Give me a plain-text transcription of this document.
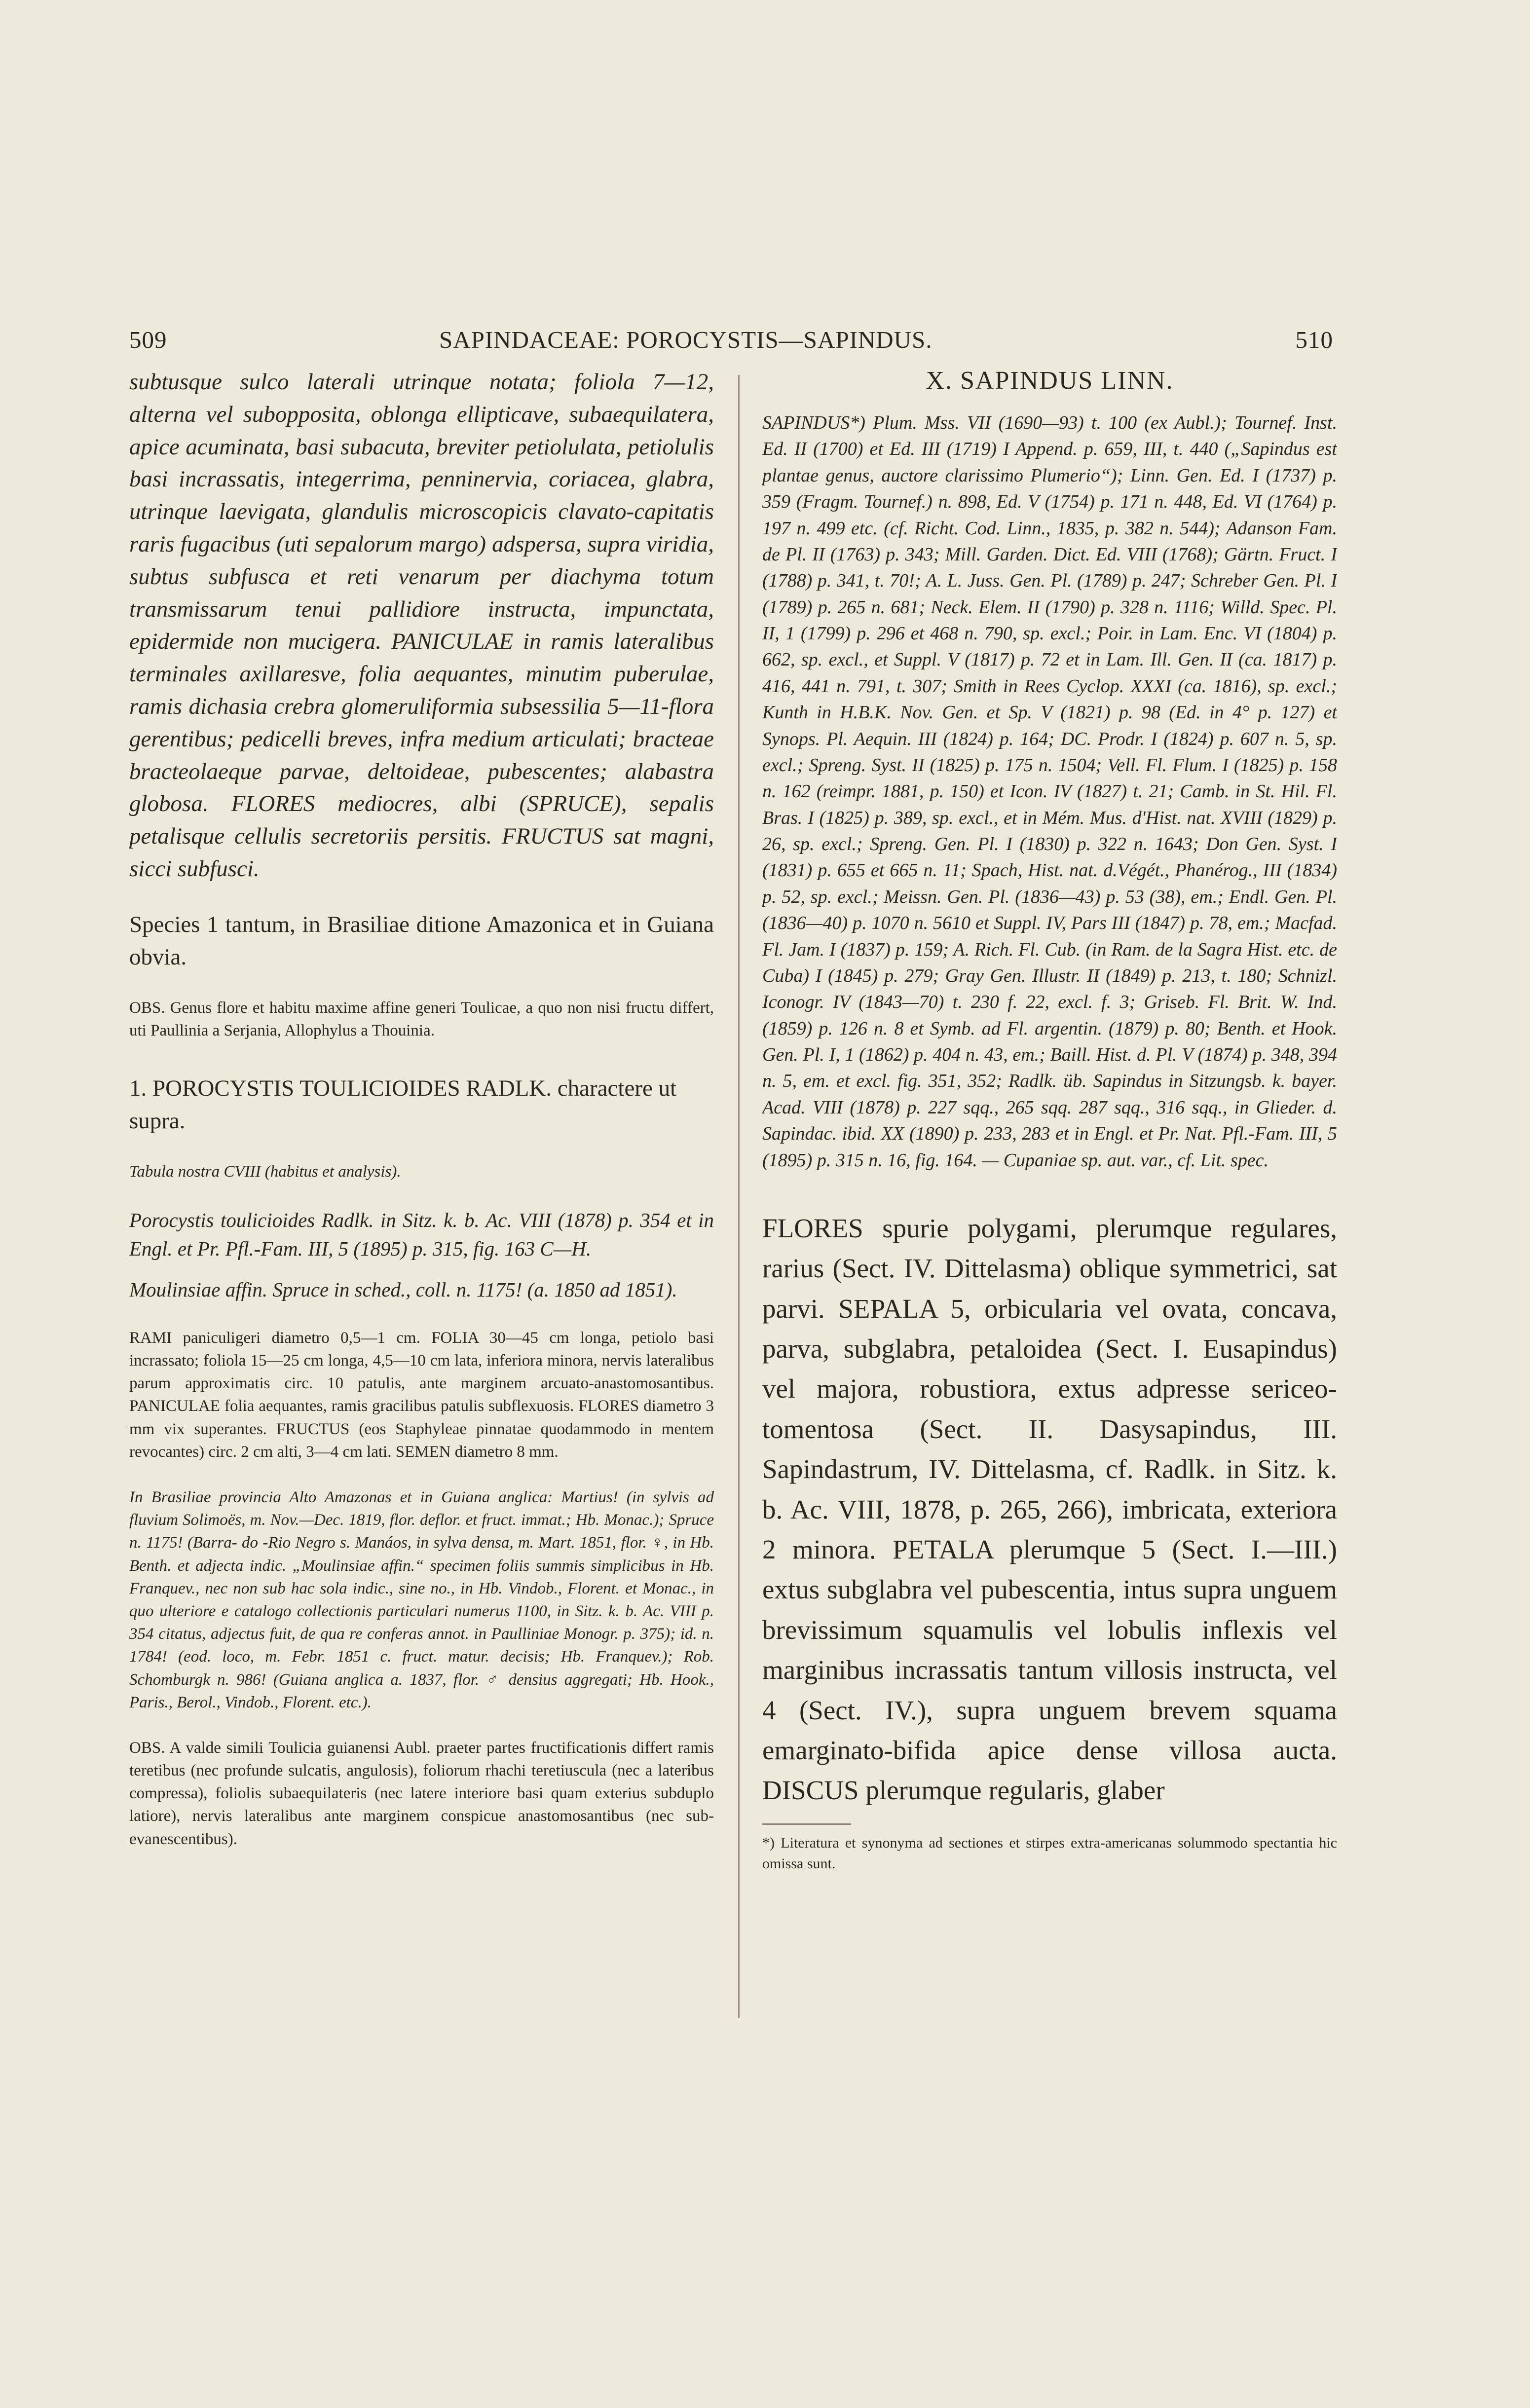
509	SAPINDACEAE: POROCYSTIS—SAPINDUS.	510

subtusque sulco laterali utrinque notata; foliola 7—12, alterna vel subopposita, oblonga ellipticave, subaequilatera, apice acuminata, basi subacuta, breviter petiolulata, petiolulis basi incrassatis, integerrima, penninervia, coriacea, glabra, utrinque laevigata, glandulis microscopicis clavato-capitatis raris fugacibus (uti sepalorum margo) adspersa, supra viridia, subtus subfusca et reti venarum per diachyma totum transmissarum tenui pallidiore instructa, impunctata, epidermide non mucigera. PANICULAE in ramis lateralibus terminales axillaresve, folia aequantes, minutim puberulae, ramis dichasia crebra glomeruliformia subsessilia 5—11-flora gerentibus; pedicelli breves, infra medium articulati; bracteae bracteolaeque parvae, deltoideae, pubescentes; alabastra globosa. FLORES mediocres, albi (SPRUCE), sepalis petalisque cellulis secretoriis persitis. FRUCTUS sat magni, sicci subfusci.

Species 1 tantum, in Brasiliae ditione Amazonica et in Guiana obvia.

OBS. Genus flore et habitu maxime affine generi Toulicae, a quo non nisi fructu differt, uti Paullinia a Serjania, Allophylus a Thouinia.

1. POROCYSTIS TOULICIOIDES RADLK. charactere ut supra.

Tabula nostra CVIII (habitus et analysis).

Porocystis toulicioides Radlk. in Sitz. k. b. Ac. VIII (1878) p. 354 et in Engl. et Pr. Pfl.-Fam. III, 5 (1895) p. 315, fig. 163 C—H.

Moulinsiae affin. Spruce in sched., coll. n. 1175! (a. 1850 ad 1851).

RAMI paniculigeri diametro 0,5—1 cm. FOLIA 30—45 cm longa, petiolo basi incrassato; foliola 15—25 cm longa, 4,5—10 cm lata, inferiora minora, nervis lateralibus parum approximatis circ. 10 patulis, ante marginem arcuato-anastomosantibus. PANICULAE folia aequantes, ramis gracilibus patulis subflexuosis. FLORES diametro 3 mm vix superantes. FRUCTUS (eos Staphyleae pinnatae quodammodo in mentem revocantes) circ. 2 cm alti, 3—4 cm lati. SEMEN diametro 8 mm.

In Brasiliae provincia Alto Amazonas et in Guiana anglica: Martius! (in sylvis ad fluvium Solimoës, m. Nov.—Dec. 1819, flor. deflor. et fruct. immat.; Hb. Monac.); Spruce n. 1175! (Barra- do -Rio Negro s. Manáos, in sylva densa, m. Mart. 1851, flor. ♀, in Hb. Benth. et adjecta indic. „Moulinsiae affin.“ specimen foliis summis simplicibus in Hb. Franquev., nec non sub hac sola indic., sine no., in Hb. Vindob., Florent. et Monac., in quo ulteriore e catalogo collectionis particulari numerus 1100, in Sitz. k. b. Ac. VIII p. 354 citatus, adjectus fuit, de qua re conferas annot. in Paulliniae Monogr. p. 375); id. n. 1784! (eod. loco, m. Febr. 1851 c. fruct. matur. decisis; Hb. Franquev.); Rob. Schomburgk n. 986! (Guiana anglica a. 1837, flor. ♂ densius aggregati; Hb. Hook., Paris., Berol., Vindob., Florent. etc.).

OBS. A valde simili Toulicia guianensi Aubl. praeter partes fructificationis differt ramis teretibus (nec profunde sulcatis, angulosis), foliorum rhachi teretiuscula (nec a lateribus compressa), foliolis subaequilateris (nec latere interiore basi quam exterius subduplo latiore), nervis lateralibus ante marginem conspicue anastomosantibus (nec sub-evanescentibus).

X. SAPINDUS LINN.

SAPINDUS*) Plum. Mss. VII (1690—93) t. 100 (ex Aubl.); Tournef. Inst. Ed. II (1700) et Ed. III (1719) I Append. p. 659, III, t. 440 („Sapindus est plantae genus, auctore clarissimo Plumerio“); Linn. Gen. Ed. I (1737) p. 359 (Fragm. Tournef.) n. 898, Ed. V (1754) p. 171 n. 448, Ed. VI (1764) p. 197 n. 499 etc. (cf. Richt. Cod. Linn., 1835, p. 382 n. 544); Adanson Fam. de Pl. II (1763) p. 343; Mill. Garden. Dict. Ed. VIII (1768); Gärtn. Fruct. I (1788) p. 341, t. 70!; A. L. Juss. Gen. Pl. (1789) p. 247; Schreber Gen. Pl. I (1789) p. 265 n. 681; Neck. Elem. II (1790) p. 328 n. 1116; Willd. Spec. Pl. II, 1 (1799) p. 296 et 468 n. 790, sp. excl.; Poir. in Lam. Enc. VI (1804) p. 662, sp. excl., et Suppl. V (1817) p. 72 et in Lam. Ill. Gen. II (ca. 1817) p. 416, 441 n. 791, t. 307; Smith in Rees Cyclop. XXXI (ca. 1816), sp. excl.; Kunth in H.B.K. Nov. Gen. et Sp. V (1821) p. 98 (Ed. in 4° p. 127) et Synops. Pl. Aequin. III (1824) p. 164; DC. Prodr. I (1824) p. 607 n. 5, sp. excl.; Spreng. Syst. II (1825) p. 175 n. 1504; Vell. Fl. Flum. I (1825) p. 158 n. 162 (reimpr. 1881, p. 150) et Icon. IV (1827) t. 21; Camb. in St. Hil. Fl. Bras. I (1825) p. 389, sp. excl., et in Mém. Mus. d'Hist. nat. XVIII (1829) p. 26, sp. excl.; Spreng. Gen. Pl. I (1830) p. 322 n. 1643; Don Gen. Syst. I (1831) p. 655 et 665 n. 11; Spach, Hist. nat. d.Végét., Phanérog., III (1834) p. 52, sp. excl.; Meissn. Gen. Pl. (1836—43) p. 53 (38), em.; Endl. Gen. Pl. (1836—40) p. 1070 n. 5610 et Suppl. IV, Pars III (1847) p. 78, em.; Macfad. Fl. Jam. I (1837) p. 159; A. Rich. Fl. Cub. (in Ram. de la Sagra Hist. etc. de Cuba) I (1845) p. 279; Gray Gen. Illustr. II (1849) p. 213, t. 180; Schnizl. Iconogr. IV (1843—70) t. 230 f. 22, excl. f. 3; Griseb. Fl. Brit. W. Ind. (1859) p. 126 n. 8 et Symb. ad Fl. argentin. (1879) p. 80; Benth. et Hook. Gen. Pl. I, 1 (1862) p. 404 n. 43, em.; Baill. Hist. d. Pl. V (1874) p. 348, 394 n. 5, em. et excl. fig. 351, 352; Radlk. üb. Sapindus in Sitzungsb. k. bayer. Acad. VIII (1878) p. 227 sqq., 265 sqq. 287 sqq., 316 sqq., in Glieder. d. Sapindac. ibid. XX (1890) p. 233, 283 et in Engl. et Pr. Nat. Pfl.-Fam. III, 5 (1895) p. 315 n. 16, fig. 164. — Cupaniae sp. aut. var., cf. Lit. spec.

FLORES spurie polygami, plerumque regulares, rarius (Sect. IV. Dittelasma) oblique symmetrici, sat parvi. SEPALA 5, orbicularia vel ovata, concava, parva, subglabra, petaloidea (Sect. I. Eusapindus) vel majora, robustiora, extus adpresse sericeo-tomentosa (Sect. II. Dasysapindus, III. Sapindastrum, IV. Dittelasma, cf. Radlk. in Sitz. k. b. Ac. VIII, 1878, p. 265, 266), imbricata, exteriora 2 minora. PETALA plerumque 5 (Sect. I.—III.) extus subglabra vel pubescentia, intus supra unguem brevissimum squamulis vel lobulis inflexis vel marginibus incrassatis tantum villosis instructa, vel 4 (Sect. IV.), supra unguem brevem squama emarginato-bifida apice dense villosa aucta. DISCUS plerumque regularis, glaber

*) Literatura et synonyma ad sectiones et stirpes extra-americanas solummodo spectantia hic omissa sunt.
